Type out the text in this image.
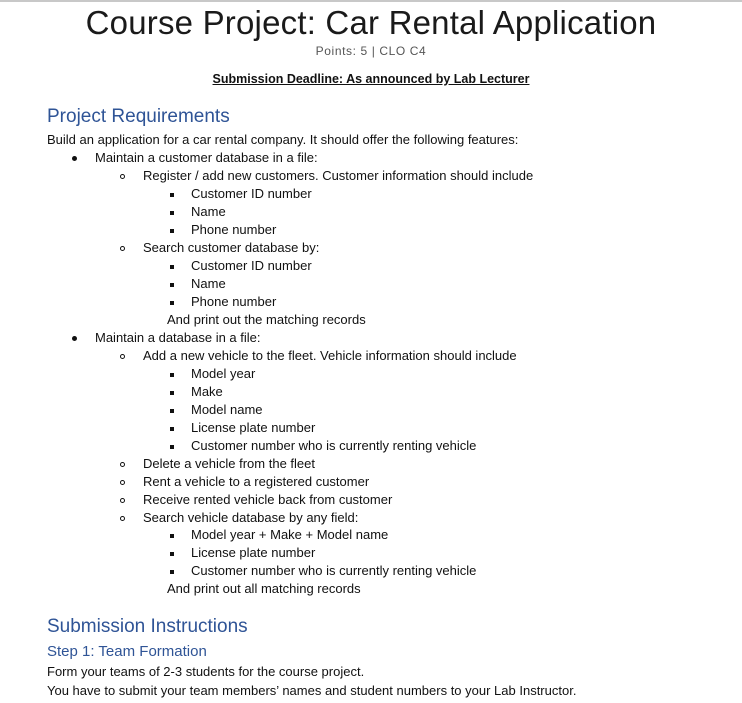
Course Project: Car Rental Application
Points: 5 | CLO C4
Submission Deadline: As announced by Lab Lecturer
Project Requirements
Build an application for a car rental company. It should offer the following features:
Maintain a customer database in a file:
Register / add new customers. Customer information should include
Customer ID number
Name
Phone number
Search customer database by:
Customer ID number
Name
Phone number
And print out the matching records
Maintain a database in a file:
Add a new vehicle to the fleet. Vehicle information should include
Model year
Make
Model name
License plate number
Customer number who is currently renting vehicle
Delete a vehicle from the fleet
Rent a vehicle to a registered customer
Receive rented vehicle back from customer
Search vehicle database by any field:
Model year + Make + Model name
License plate number
Customer number who is currently renting vehicle
And print out all matching records
Submission Instructions
Step 1: Team Formation
Form your teams of 2-3 students for the course project.
You have to submit your team members’ names and student numbers to your Lab Instructor.
